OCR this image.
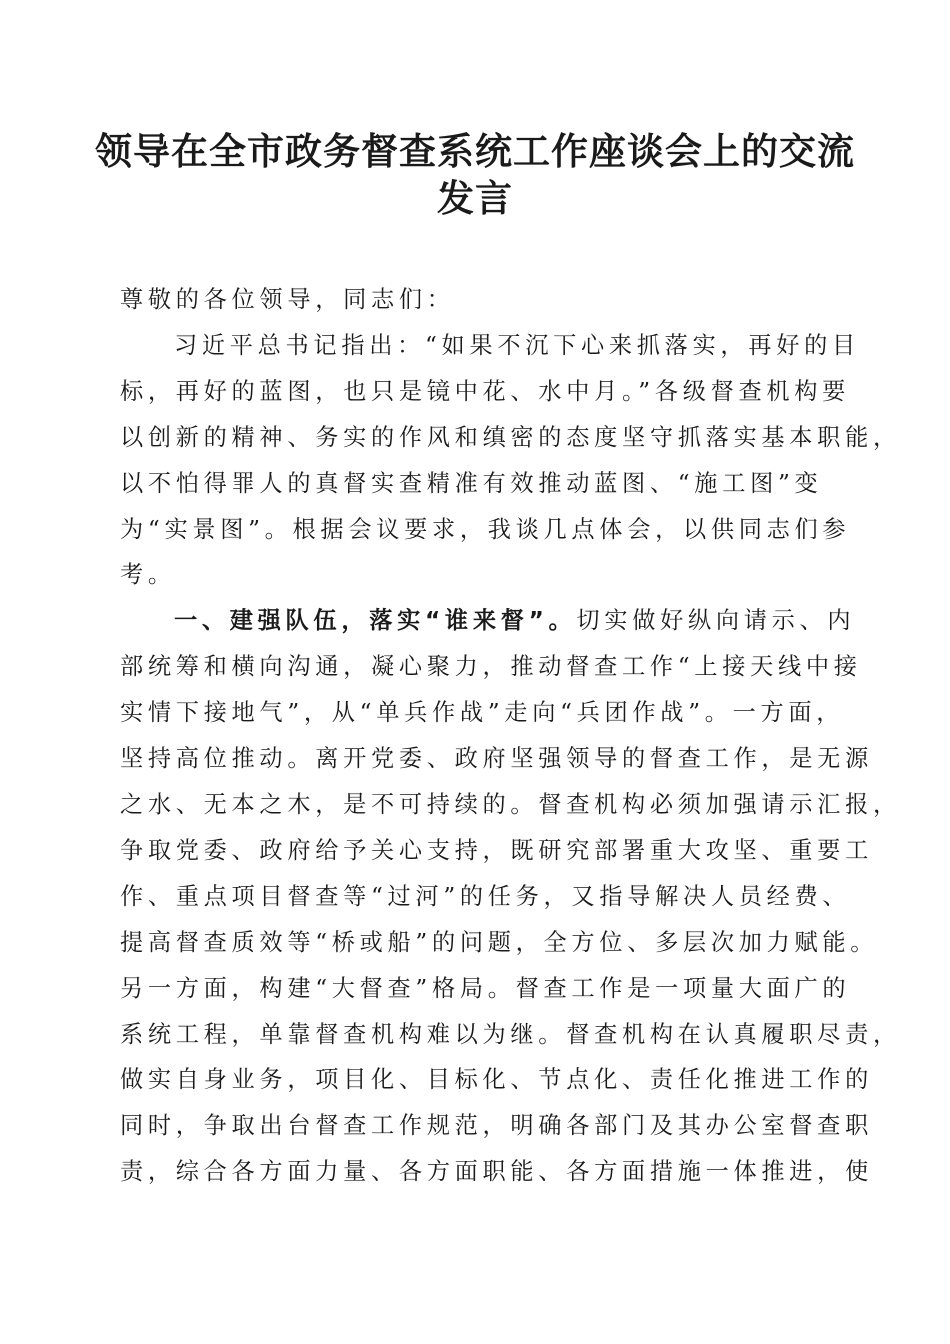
领导在全市政务督查系统工作座谈会上的交流
发言

尊敬的各位领导，同志们：

习近平总书记指出：“如果不沉下心来抓落实，再好的目
标，再好的蓝图，也只是镜中花、水中月。”各级督查机构要
以创新的精神、务实的作风和缜密的态度坚守抓落实基本职能，
以不怕得罪人的真督实查精准有效推动蓝图、“施工图”变
为“实景图”。根据会议要求，我谈几点体会，以供同志们参
考。

一、建强队伍，落实“谁来督”。切实做好纵向请示、内
部统筹和横向沟通，凝心聚力，推动督查工作“上接天线中接
实情下接地气”，从“单兵作战”走向“兵团作战”。一方面，
坚持高位推动。离开党委、政府坚强领导的督查工作，是无源
之水、无本之木，是不可持续的。督查机构必须加强请示汇报，
争取党委、政府给予关心支持，既研究部署重大攻坚、重要工
作、重点项目督查等“过河”的任务，又指导解决人员经费、
提高督查质效等“桥或船”的问题，全方位、多层次加力赋能。
另一方面，构建“大督查”格局。督查工作是一项量大面广的
系统工程，单靠督查机构难以为继。督查机构在认真履职尽责，
做实自身业务，项目化、目标化、节点化、责任化推进工作的
同时，争取出台督查工作规范，明确各部门及其办公室督查职
责，综合各方面力量、各方面职能、各方面措施一体推进，使
